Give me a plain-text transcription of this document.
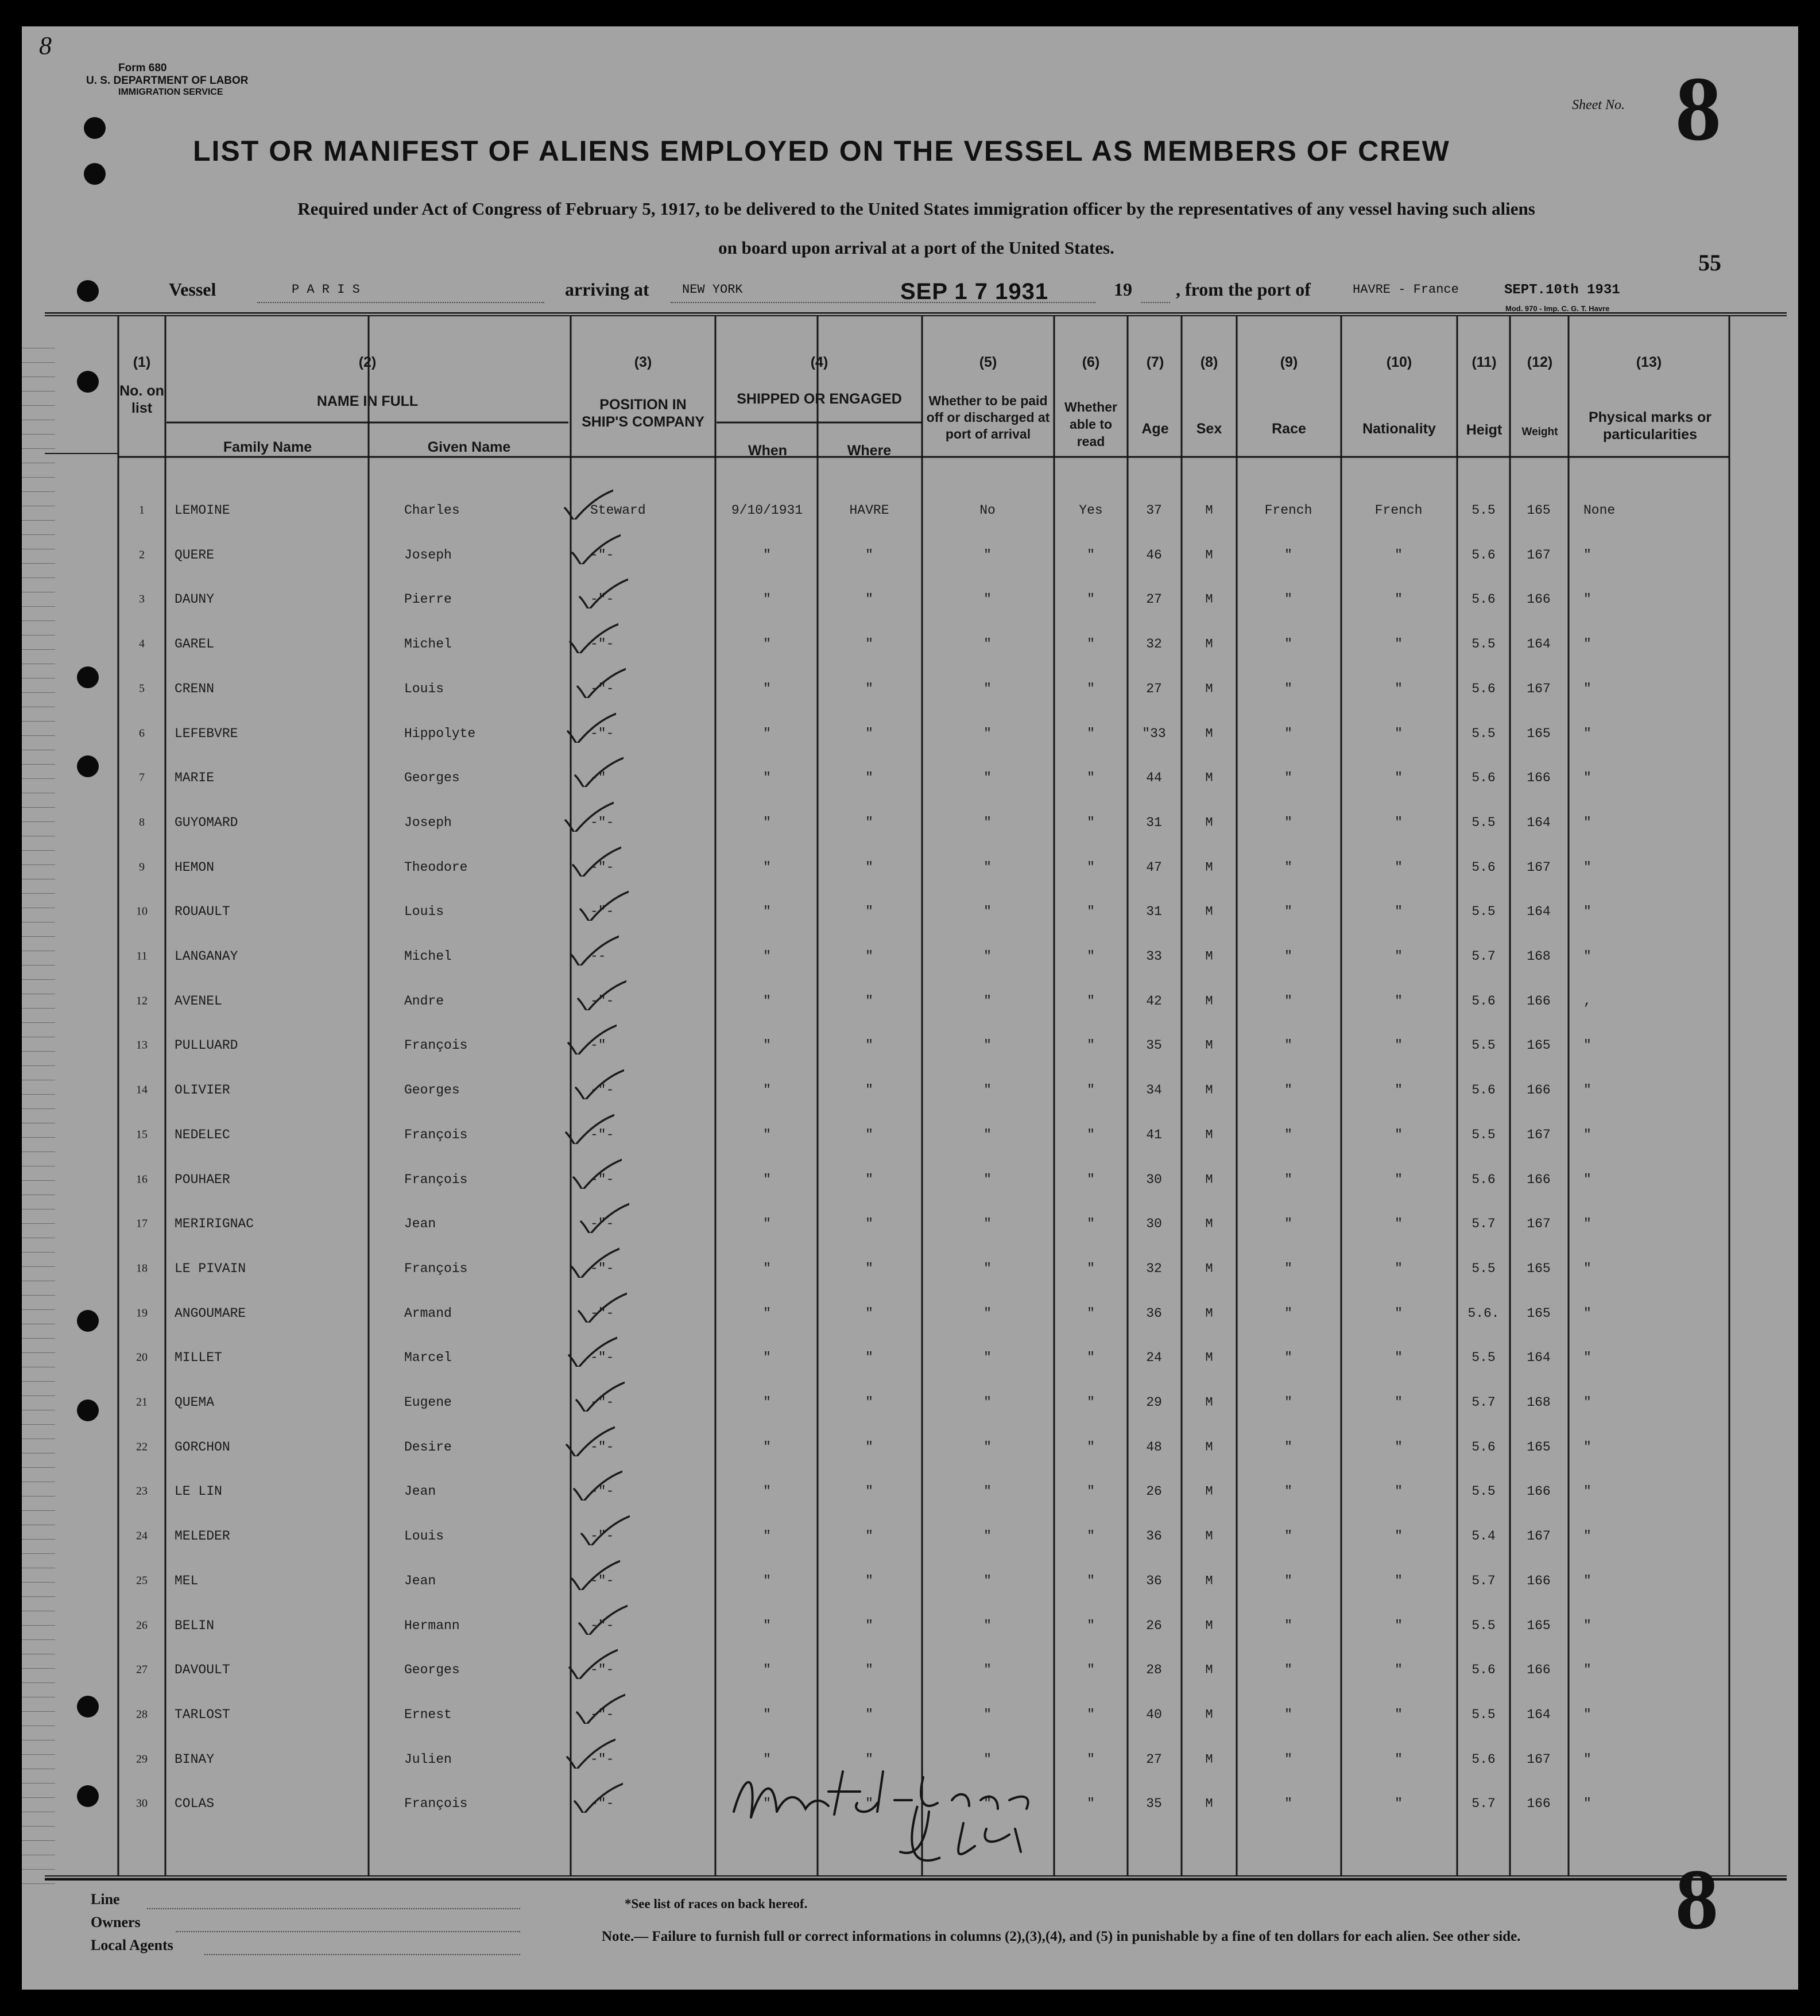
8
Form 680
U. S. DEPARTMENT OF LABOR
IMMIGRATION SERVICE
Sheet No. 8
LIST OR MANIFEST OF ALIENS EMPLOYED ON THE VESSEL AS MEMBERS OF CREW
Required under Act of Congress of February 5, 1917, to be delivered to the United States immigration officer by the representatives of any vessel having such aliens
on board upon arrival at a port of the United States.
55
Vessel	P A R I S	arriving at	NEW YORK	SEP 1 7 1931	19 , from the port of	HAVRE - France	SEPT.10th 1931
Mod. 970 - Imp. C. G. T. Havre
(1)
No. on list
(2)
NAME IN FULL
Family Name	Given Name
(3)
POSITION IN SHIP'S COMPANY
(4)
SHIPPED OR ENGAGED
When	Where
(5)
Whether to be paid off or discharged at port of arrival
(6)
Whether able to read
(7)
Age
(8)
Sex
(9)
Race
(10)
Nationality
(11)
Heigt
(12)
Weight
(13)
Physical marks or particularities
1 LEMOINE	Charles	Steward	9/10/1931	HAVRE	No	Yes	37	M	French	French	5.5 165 None
2 QUERE	Joseph	-"-	"	"	"	"	46	M	"	"	5.6 167 "
3 DAUNY	Pierre	-"-	"	"	"	"	27	M	"	"	5.6 166 "
4 GAREL	Michel	-"-	"	"	"	"	32	M	"	"	5.5 164 "
5 CRENN	Louis	-"-	"	"	"	"	27	M	"	"	5.6 167 "
6 LEFEBVRE	Hippolyte	-"-	"	"	"	"	"33	M	"	"	5.5 165 "
7 MARIE	Georges	-"	"	"	"	"	44	M	"	"	5.6 166 "
8 GUYOMARD	Joseph	-"-	"	"	"	"	31	M	"	"	5.5 164 "
9 HEMON	Theodore	-"-	"	"	"	"	47	M	"	"	5.6 167 "
10 ROUAULT	Louis	-"-	"	"	"	"	31	M	"	"	5.5 164 "
11 LANGANAY	Michel	--	"	"	"	"	33	M	"	"	5.7 168 "
12 AVENEL	Andre	-"-	"	"	"	"	42	M	"	"	5.6 166 ,
13 PULLUARD	François	-"	"	"	"	"	35	M	"	"	5.5 165 "
14 OLIVIER	Georges	-"-	"	"	"	"	34	M	"	"	5.6 166 "
15 NEDELEC	François	-"-	"	"	"	"	41	M	"	"	5.5 167 "
16 POUHAER	François	-"-	"	"	"	"	30	M	"	"	5.6 166 "
17 MERIRIGNAC	Jean	-"-	"	"	"	"	30	M	"	"	5.7 167 "
18 LE PIVAIN	François	-"-	"	"	"	"	32	M	"	"	5.5 165 "
19 ANGOUMARE	Armand	-"-	"	"	"	"	36	M	"	"	5.6. 165 "
20 MILLET	Marcel	-"-	"	"	"	"	24	M	"	"	5.5 164 "
21 QUEMA	Eugene	-"-	"	"	"	"	29	M	"	"	5.7 168 "
22 GORCHON	Desire	-"-	"	"	"	"	48	M	"	"	5.6 165 "
23 LE LIN	Jean	-"-	"	"	"	"	26	M	"	"	5.5 166 "
24 MELEDER	Louis	-"-	"	"	"	"	36	M	"	"	5.4 167 "
25 MEL	Jean	-"-	"	"	"	"	36	M	"	"	5.7 166 "
26 BELIN	Hermann	-"-	"	"	"	"	26	M	"	"	5.5 165 "
27 DAVOULT	Georges	-"-	"	"	"	"	28	M	"	"	5.6 166 "
28 TARLOST	Ernest	-"-	"	"	"	"	40	M	"	"	5.5 164 "
29 BINAY	Julien	-"-	"	"	"	"	27	M	"	"	5.6 167 "
30 COLAS	François	-"-	"	"	"	"	35	M	"	"	5.7 166 "
Line
Owners
Local Agents
*See list of races on back hereof.
Note.— Failure to furnish full or correct informations in columns (2),(3),(4), and (5) in punishable by a fine of ten dollars for each alien. See other side. 8
